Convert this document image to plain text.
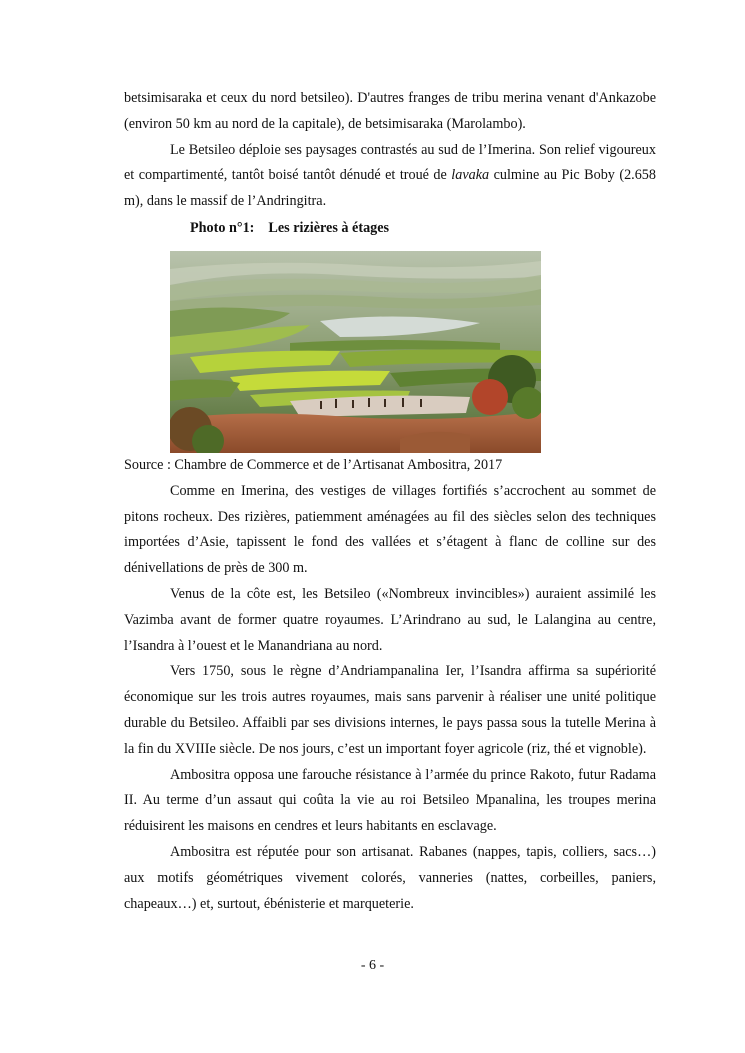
betsimisaraka et ceux du nord betsileo). D'autres franges de tribu merina venant d'Ankazobe (environ 50 km au nord de la capitale), de betsimisaraka (Marolambo).

Le Betsileo déploie ses paysages contrastés au sud de l’Imerina. Son relief vigoureux et compartimenté, tantôt boisé tantôt dénudé et troué de lavaka culmine au Pic Boby (2.658 m), dans le massif de l’Andringitra.

Photo n°1: Les rizières à étages

Source : Chambre de Commerce et de l’Artisanat Ambositra, 2017

Comme en Imerina, des vestiges de villages fortifiés s’accrochent au sommet de pitons rocheux. Des rizières, patiemment aménagées au fil des siècles selon des techniques importées d’Asie, tapissent le fond des vallées et s’étagent à flanc de colline sur des dénivellations de près de 300 m.

Venus de la côte est, les Betsileo («Nombreux invincibles») auraient assimilé les Vazimba avant de former quatre royaumes. L’Arindrano au sud, le Lalangina au centre, l’Isandra à l’ouest et le Manandriana au nord.

Vers 1750, sous le règne d’Andriampanalina Ier, l’Isandra affirma sa supériorité économique sur les trois autres royaumes, mais sans parvenir à réaliser une unité politique durable du Betsileo. Affaibli par ses divisions internes, le pays passa sous la tutelle Merina à la fin du XVIIIe siècle. De nos jours, c’est un important foyer agricole (riz, thé et vignoble).

Ambositra opposa une farouche résistance à l’armée du prince Rakoto, futur Radama II. Au terme d’un assaut qui coûta la vie au roi Betsileo Mpanalina, les troupes merina réduisirent les maisons en cendres et leurs habitants en esclavage.

Ambositra est réputée pour son artisanat. Rabanes (nappes, tapis, colliers, sacs…) aux motifs géométriques vivement colorés, vanneries (nattes, corbeilles, paniers, chapeaux…) et, surtout, ébénisterie et marqueterie.

- 6 -
